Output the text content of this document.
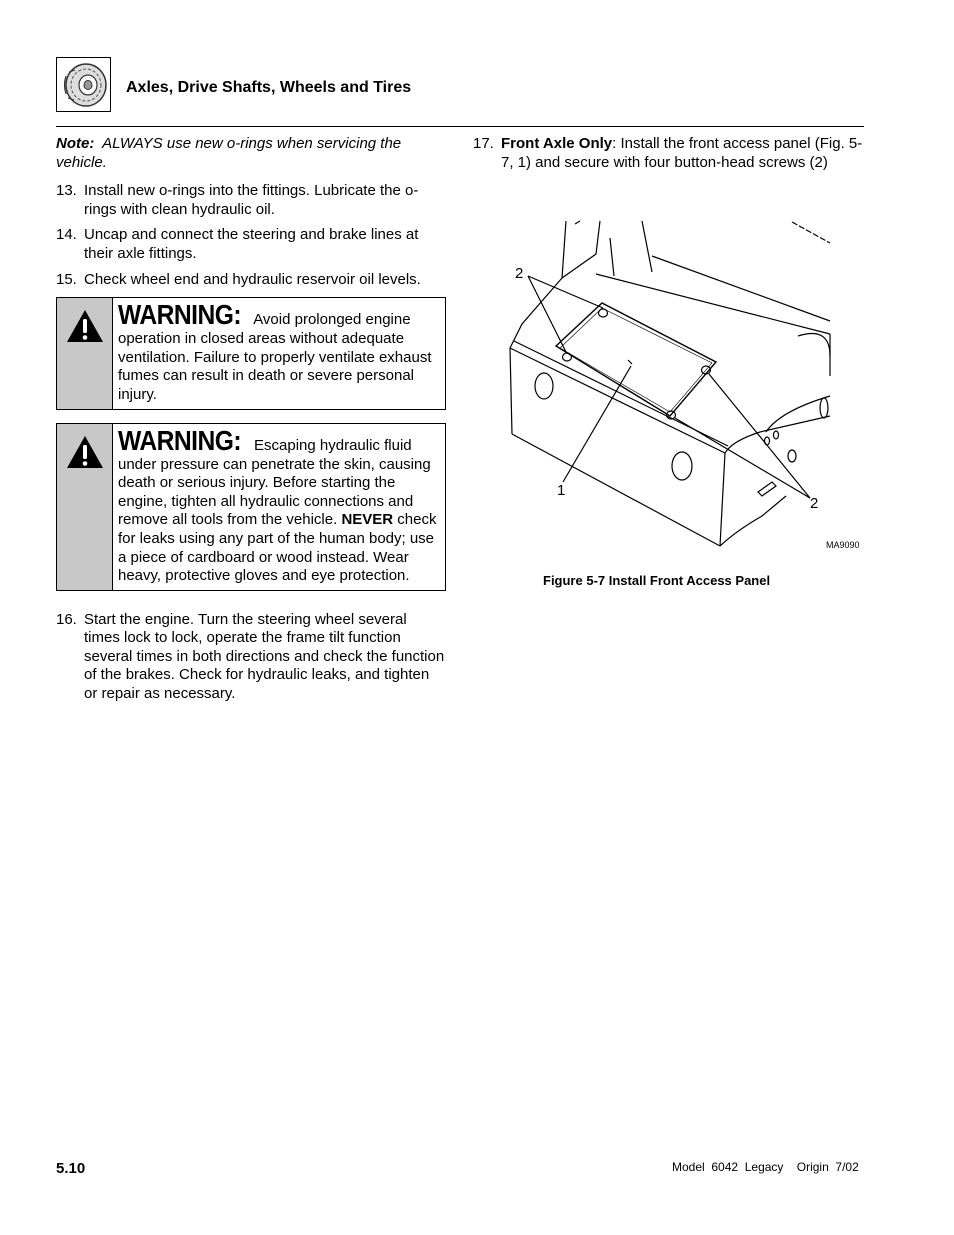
Axles, Drive Shafts, Wheels and Tires

Note: ALWAYS use new o-rings when servicing the vehicle.

13. Install new o-rings into the fittings. Lubricate the o-rings with clean hydraulic oil.
14. Uncap and connect the steering and brake lines at their axle fittings.
15. Check wheel end and hydraulic reservoir oil levels.
WARNING: Avoid prolonged engine operation in closed areas without adequate ventilation. Failure to properly ventilate exhaust fumes can result in death or severe personal injury.
WARNING: Escaping hydraulic fluid under pressure can penetrate the skin, causing death or serious injury. Before starting the engine, tighten all hydraulic connections and remove all tools from the vehicle. NEVER check for leaks using any part of the human body; use a piece of cardboard or wood instead. Wear heavy, protective gloves and eye protection.
16. Start the engine. Turn the steering wheel several times lock to lock, operate the frame tilt function several times in both directions and check the function of the brakes. Check for hydraulic leaks, and tighten or repair as necessary.
17. Front Axle Only: Install the front access panel (Fig. 5-7, 1) and secure with four button-head screws (2)
2
1
2
MA9090
Figure 5-7 Install Front Access Panel
5.10	Model  6042  Legacy    Origin  7/02
